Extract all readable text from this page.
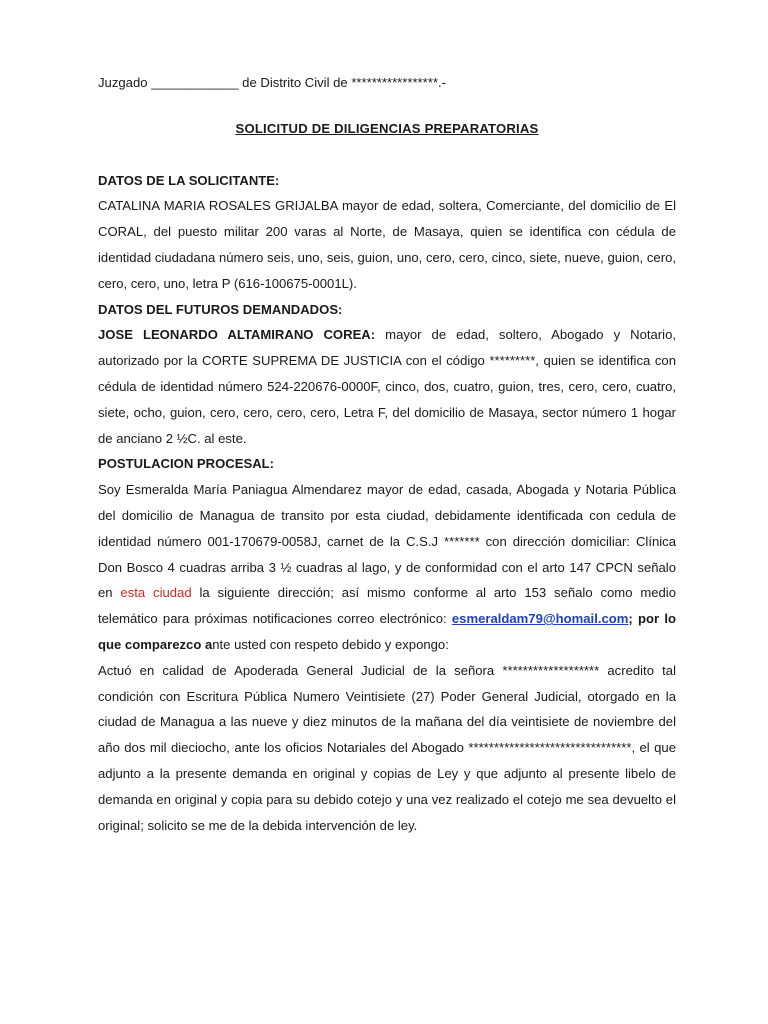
Juzgado ____________ de Distrito Civil de *****************.-

SOLICITUD DE DILIGENCIAS PREPARATORIAS

DATOS DE LA SOLICITANTE:

CATALINA MARIA ROSALES GRIJALBA mayor de edad, soltera, Comerciante, del domicilio de El CORAL, del puesto militar 200 varas al Norte, de Masaya, quien se identifica con cédula de identidad ciudadana número seis, uno, seis, guion, uno, cero, cero, cinco, siete, nueve, guion, cero, cero, cero, uno, letra P (616-100675-0001L).

DATOS DEL FUTUROS DEMANDADOS:

JOSE LEONARDO ALTAMIRANO COREA: mayor de edad, soltero, Abogado y Notario, autorizado por la CORTE SUPREMA DE JUSTICIA con el código *********, quien se identifica con cédula de identidad número 524-220676-0000F, cinco, dos, cuatro, guion, tres, cero, cero, cuatro, siete, ocho, guion, cero, cero, cero, cero, Letra F, del domicilio de Masaya, sector número 1 hogar de anciano 2 ½C. al este.

POSTULACION PROCESAL:

Soy Esmeralda María Paniagua Almendarez mayor de edad, casada, Abogada y Notaria Pública del domicilio de Managua de transito por esta ciudad, debidamente identificada con cedula de identidad número 001-170679-0058J, carnet de la C.S.J ******* con dirección domiciliar: Clínica Don Bosco 4 cuadras arriba 3 ½ cuadras al lago, y de conformidad con el arto 147 CPCN señalo en esta ciudad la siguiente dirección; así mismo conforme al arto 153 señalo como medio telemático para próximas notificaciones correo electrónico: esmeraldam79@homail.com; por lo que comparezco ante usted con respeto debido y expongo:

Actuó en calidad de Apoderada General Judicial de la señora ******************* acredito tal condición con Escritura Pública Numero Veintisiete (27) Poder General Judicial, otorgado en la ciudad de Managua a las nueve y diez minutos de la mañana del día veintisiete de noviembre del año dos mil dieciocho, ante los oficios Notariales del Abogado ********************************, el que adjunto a la presente demanda en original y copias de Ley y que adjunto al presente libelo de demanda en original y copia para su debido cotejo y una vez realizado el cotejo me sea devuelto el original; solicito se me de la debida intervención de ley.
